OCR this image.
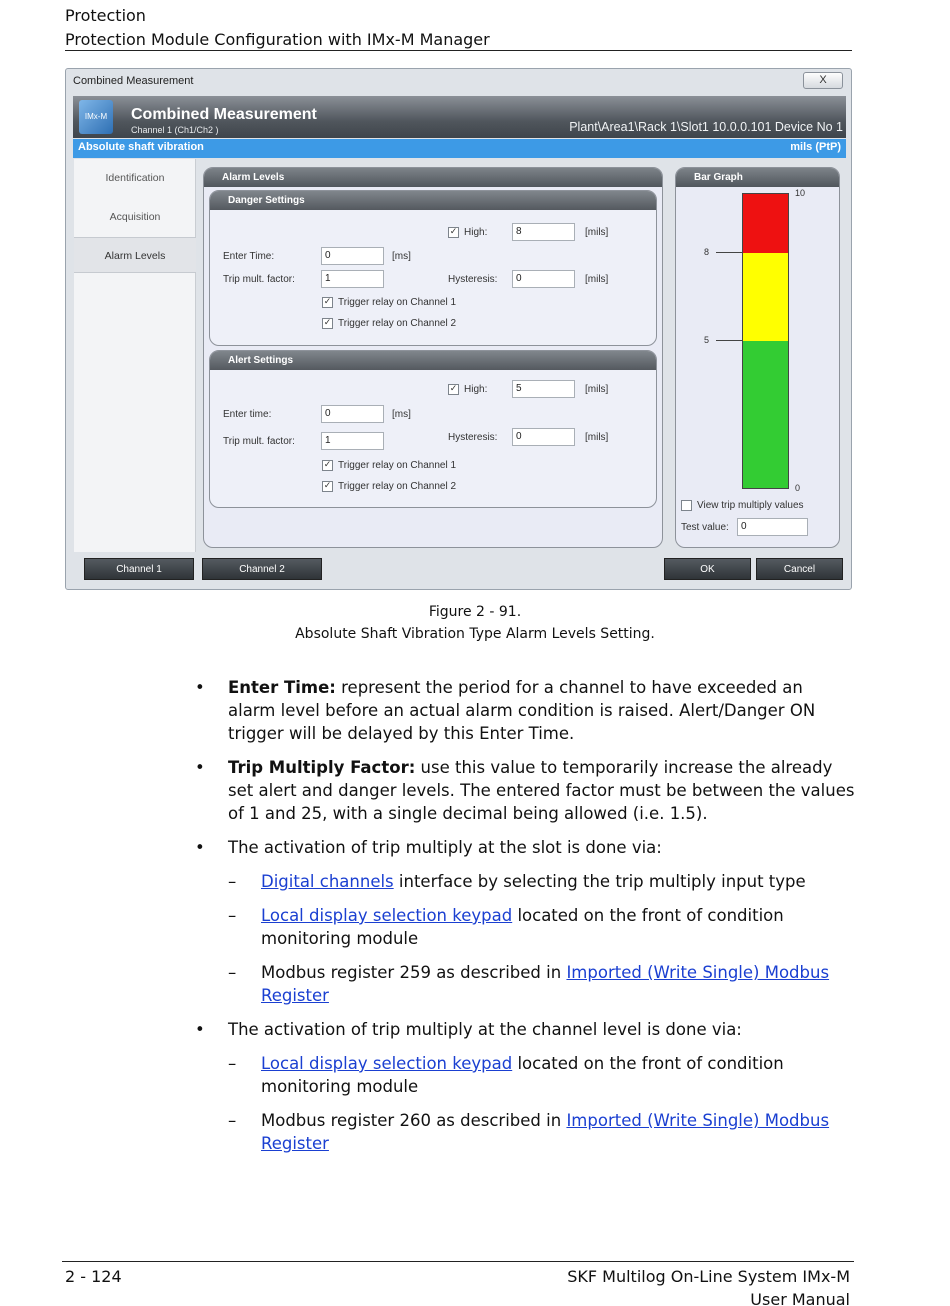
Protection
Protection Module Configuration with IMx-M Manager
Combined Measurement	X
IMx-M	Combined Measurement
Channel 1 (Ch1/Ch2 )	Plant\Area1\Rack 1\Slot1 10.0.0.101 Device No 1
Absolute shaft vibration	mils (PtP)
Identification
Acquisition
Alarm Levels
Alarm Levels
Danger Settings
✓ High:	8	[mils]
Enter Time:	0	[ms]
Trip mult. factor:	1	Hysteresis:	0	[mils]
✓ Trigger relay on Channel 1
✓ Trigger relay on Channel 2
Alert Settings
✓ High:	5	[mils]
Enter time:	0	[ms]
Trip mult. factor:	1	Hysteresis:	0	[mils]
✓ Trigger relay on Channel 1
✓ Trigger relay on Channel 2
Bar Graph
10
8
5
0
View trip multiply values
Test value:	0
Channel 1	Channel 2	OK	Cancel
Figure 2 - 91.
Absolute Shaft Vibration Type Alarm Levels Setting.
• Enter Time: represent the period for a channel to have exceeded an alarm level before an actual alarm condition is raised. Alert/Danger ON trigger will be delayed by this Enter Time.
• Trip Multiply Factor: use this value to temporarily increase the already set alert and danger levels. The entered factor must be between the values of 1 and 25, with a single decimal being allowed (i.e. 1.5).
• The activation of trip multiply at the slot is done via:
– Digital channels interface by selecting the trip multiply input type
– Local display selection keypad located on the front of condition monitoring module
– Modbus register 259 as described in Imported (Write Single) Modbus Register
• The activation of trip multiply at the channel level is done via:
– Local display selection keypad located on the front of condition monitoring module
– Modbus register 260 as described in Imported (Write Single) Modbus Register
2 - 124	SKF Multilog On-Line System IMx-M
User Manual
